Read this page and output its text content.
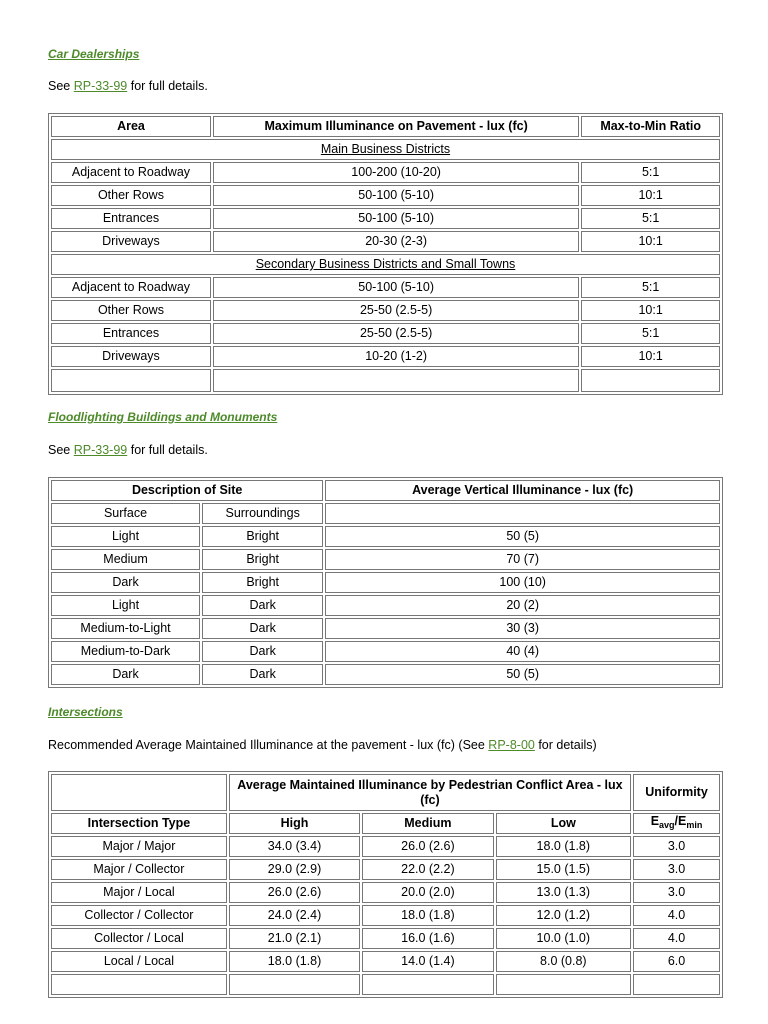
Car Dealerships
See RP-33-99 for full details.
Area	Maximum Illuminance on Pavement - lux (fc)	Max-to-Min Ratio
Main Business Districts		
Adjacent to Roadway	100-200 (10-20)	5:1
Other Rows	50-100 (5-10)	10:1
Entrances	50-100 (5-10)	5:1
Driveways	20-30 (2-3)	10:1
Secondary Business Districts and Small Towns		
Adjacent to Roadway	50-100 (5-10)	5:1
Other Rows	25-50 (2.5-5)	10:1
Entrances	25-50 (2.5-5)	5:1
Driveways	10-20 (1-2)	10:1

Floodlighting Buildings and Monuments
See RP-33-99 for full details.
Description of Site		Average Vertical Illuminance - lux (fc)
Surface	Surroundings	
Light	Bright	50 (5)
Medium	Bright	70 (7)
Dark	Bright	100 (10)
Light	Dark	20 (2)
Medium-to-Light	Dark	30 (3)
Medium-to-Dark	Dark	40 (4)
Dark	Dark	50 (5)
Intersections
Recommended Average Maintained Illuminance at the pavement - lux (fc) (See RP-8-00 for details)
	Average Maintained Illuminance by Pedestrian Conflict Area - lux (fc)			Uniformity
Intersection Type	High	Medium	Low	$E_{avg}/E_{min}$
Major / Major	34.0 (3.4)	26.0 (2.6)	18.0 (1.8)	3.0
Major / Collector	29.0 (2.9)	22.0 (2.2)	15.0 (1.5)	3.0
Major / Local	26.0 (2.6)	20.0 (2.0)	13.0 (1.3)	3.0
Collector / Collector	24.0 (2.4)	18.0 (1.8)	12.0 (1.2)	4.0
Collector / Local	21.0 (2.1)	16.0 (1.6)	10.0 (1.0)	4.0
Local / Local	18.0 (1.8)	14.0 (1.4)	8.0 (0.8)	6.0
